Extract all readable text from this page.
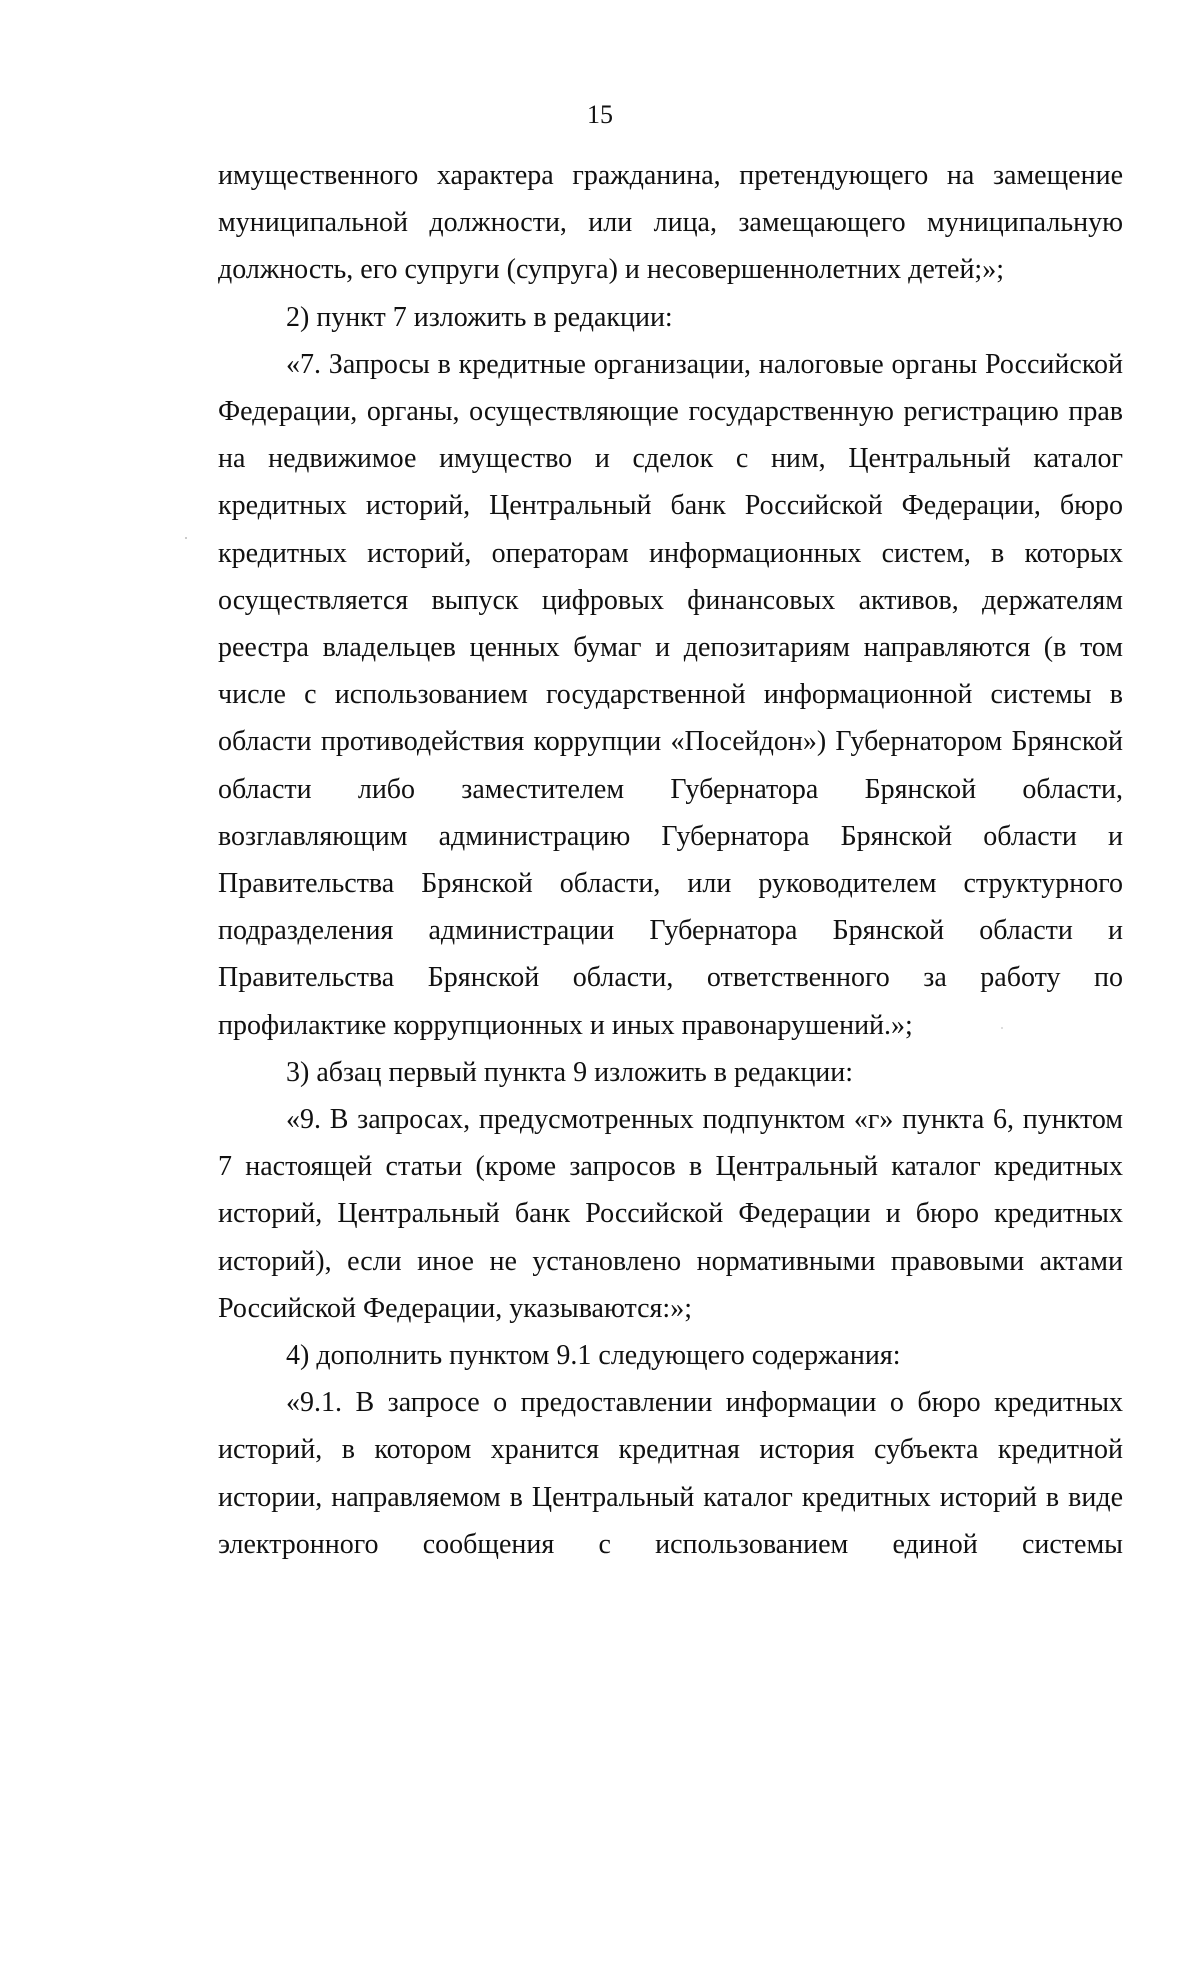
15

имущественного характера гражданина, претендующего на замещение муниципальной должности, или лица, замещающего муниципальную должность, его супруги (супруга) и несовершеннолетних детей;»;

2) пункт 7 изложить в редакции:

«7. Запросы в кредитные организации, налоговые органы Российской Федерации, органы, осуществляющие государственную регистрацию прав на недвижимое имущество и сделок с ним, Центральный каталог кредитных историй, Центральный банк Российской Федерации, бюро кредитных историй, операторам информационных систем, в которых осуществляется выпуск цифровых финансовых активов, держателям реестра владельцев ценных бумаг и депозитариям направляются (в том числе с использованием государственной информационной системы в области противодействия коррупции «Посейдон») Губернатором Брянской области либо заместителем Губернатора Брянской области, возглавляющим администрацию Губернатора Брянской области и Правительства Брянской области, или руководителем структурного подразделения администрации Губернатора Брянской области и Правительства Брянской области, ответственного за работу по профилактике коррупционных и иных правонарушений.»;

3) абзац первый пункта 9 изложить в редакции:

«9. В запросах, предусмотренных подпунктом «г» пункта 6, пунктом 7 настоящей статьи (кроме запросов в Центральный каталог кредитных историй, Центральный банк Российской Федерации и бюро кредитных историй), если иное не установлено нормативными правовыми актами Российской Федерации, указываются:»;

4) дополнить пунктом 9.1 следующего содержания:

«9.1. В запросе о предоставлении информации о бюро кредитных историй, в котором хранится кредитная история субъекта кредитной истории, направляемом в Центральный каталог кредитных историй в виде электронного сообщения с использованием единой системы
